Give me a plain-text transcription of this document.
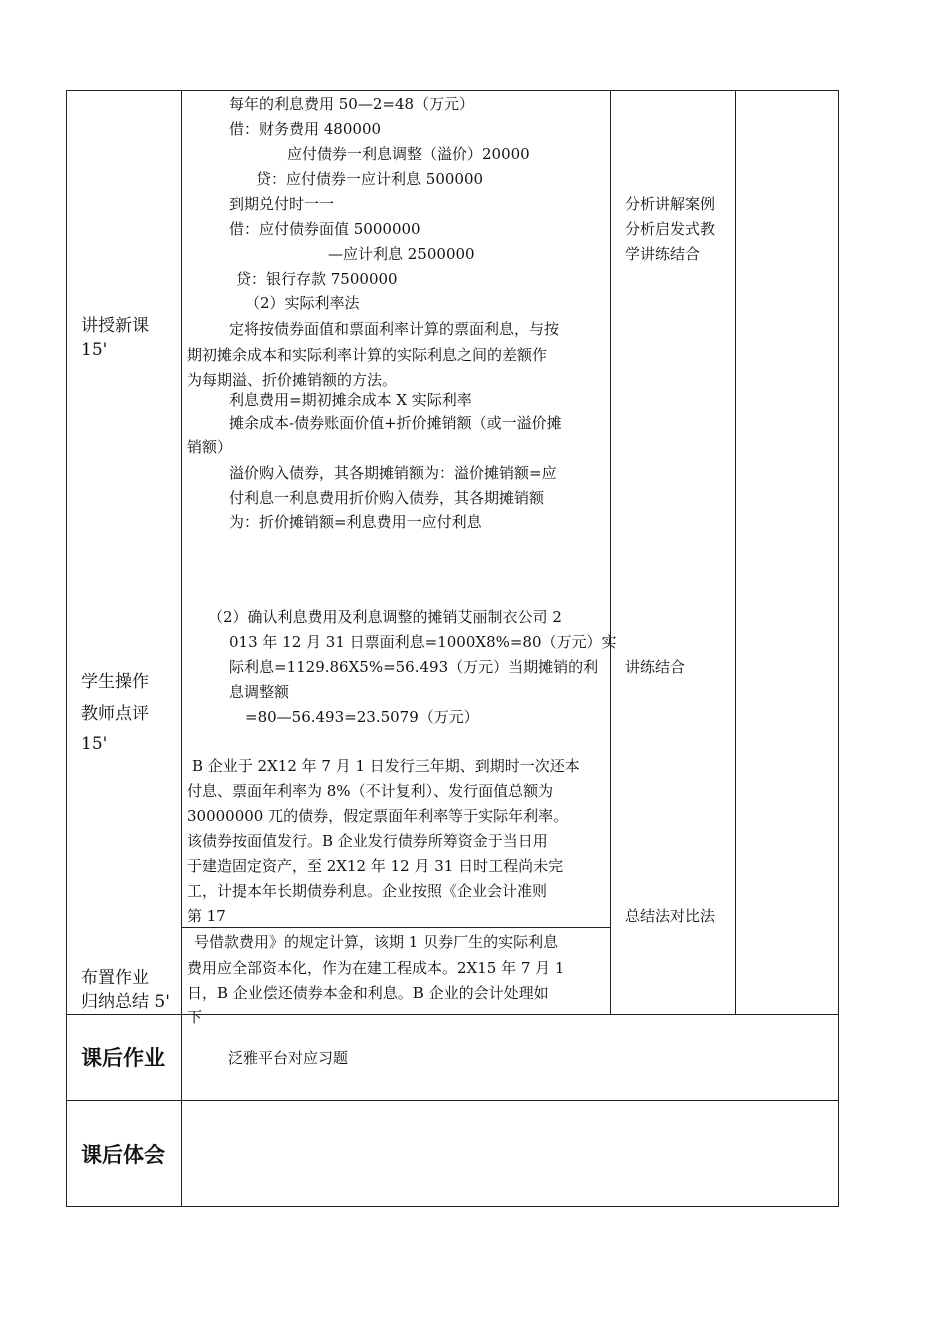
讲授新课
15'
学生操作
教师点评
15'
布置作业
归纳总结 5'
每年的利息费用 50—2=48（万元）
借：财务费用 480000
应付债券一利息调整（溢价）20000
贷：应付债券一应计利息 500000
到期兑付时一一
借：应付债券面值 5000000
—应计利息 2500000
贷：银行存款 7500000
（2）实际利率法
定将按债券面值和票面利率计算的票面利息，与按
期初摊余成本和实际利率计算的实际利息之间的差额作
为每期溢、折价摊销额的方法。
利息费用=期初摊余成本 X 实际利率
摊余成本-债券账面价值+折价摊销额（或一溢价摊
销额）
溢价购入债券，其各期摊销额为：溢价摊销额=应
付利息一利息费用折价购入债券，其各期摊销额
为：折价摊销额=利息费用一应付利息
（2）确认利息费用及利息调整的摊销艾丽制衣公司 2
013 年 12 月 31 日票面利息=1000X8%=80（万元）实
际利息=1129.86X5%=56.493（万元）当期摊销的利
息调整额
=80—56.493=23.5079（万元）
B 企业于 2X12 年 7 月 1 日发行三年期、到期时一次还本
付息、票面年利率为 8%（不计复利）、发行面值总额为
30000000 兀的债券，假定票面年利率等于实际年利率。
该债券按面值发行。B 企业发行债券所筹资金于当日用
于建造固定资产，至 2X12 年 12 月 31 日时工程尚未完
工，计提本年长期债券利息。企业按照《企业会计准则
第 17
号借款费用》的规定计算，该期 1 贝券厂生的实际利息
费用应全部资本化，作为在建工程成本。2X15 年 7 月 1
日，B 企业偿还债券本金和利息。B 企业的会计处理如
下
分析讲解案例
分析启发式教
学讲练结合
讲练结合
总结法对比法
课后作业	泛雅平台对应习题
课后体会
